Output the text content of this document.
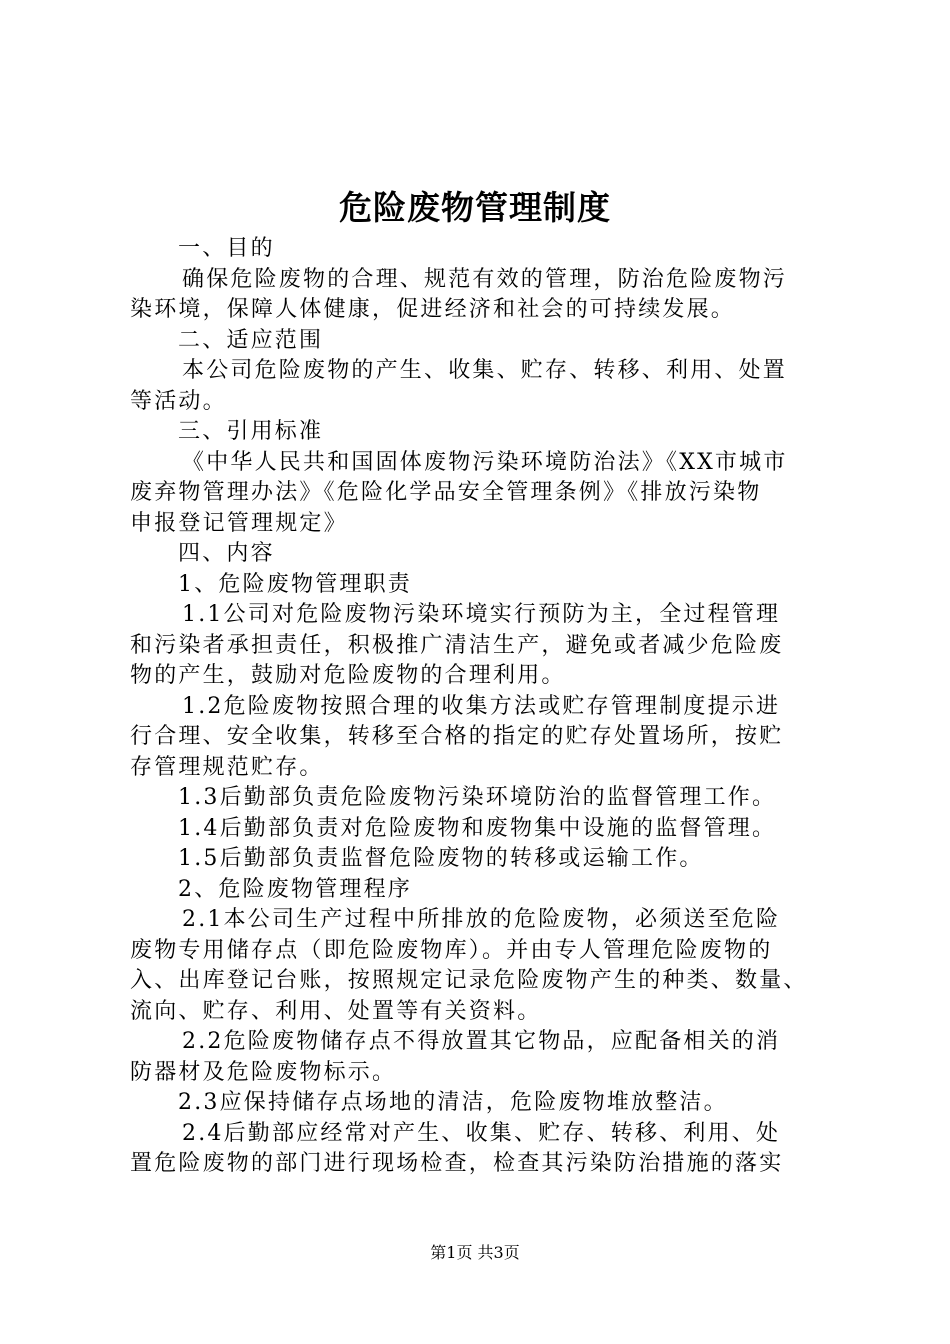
危险废物管理制度
一、目的
确保危险废物的合理、规范有效的管理，防治危险废物污
染环境，保障人体健康，促进经济和社会的可持续发展。
二、适应范围
本公司危险废物的产生、收集、贮存、转移、利用、处置
等活动。
三、引用标准
《中华人民共和国固体废物污染环境防治法》《XX市城市
废弃物管理办法》《危险化学品安全管理条例》《排放污染物
申报登记管理规定》
四、内容
1、危险废物管理职责
1.1公司对危险废物污染环境实行预防为主，全过程管理
和污染者承担责任，积极推广清洁生产，避免或者减少危险废
物的产生，鼓励对危险废物的合理利用。
1.2危险废物按照合理的收集方法或贮存管理制度提示进
行合理、安全收集，转移至合格的指定的贮存处置场所，按贮
存管理规范贮存。
1.3后勤部负责危险废物污染环境防治的监督管理工作。
1.4后勤部负责对危险废物和废物集中设施的监督管理。
1.5后勤部负责监督危险废物的转移或运输工作。
2、危险废物管理程序
2.1本公司生产过程中所排放的危险废物，必须送至危险
废物专用储存点（即危险废物库）。并由专人管理危险废物的
入、出库登记台账，按照规定记录危险废物产生的种类、数量、
流向、贮存、利用、处置等有关资料。
2.2危险废物储存点不得放置其它物品，应配备相关的消
防器材及危险废物标示。
2.3应保持储存点场地的清洁，危险废物堆放整洁。
2.4后勤部应经常对产生、收集、贮存、转移、利用、处
置危险废物的部门进行现场检查，检查其污染防治措施的落实
第1页 共3页
